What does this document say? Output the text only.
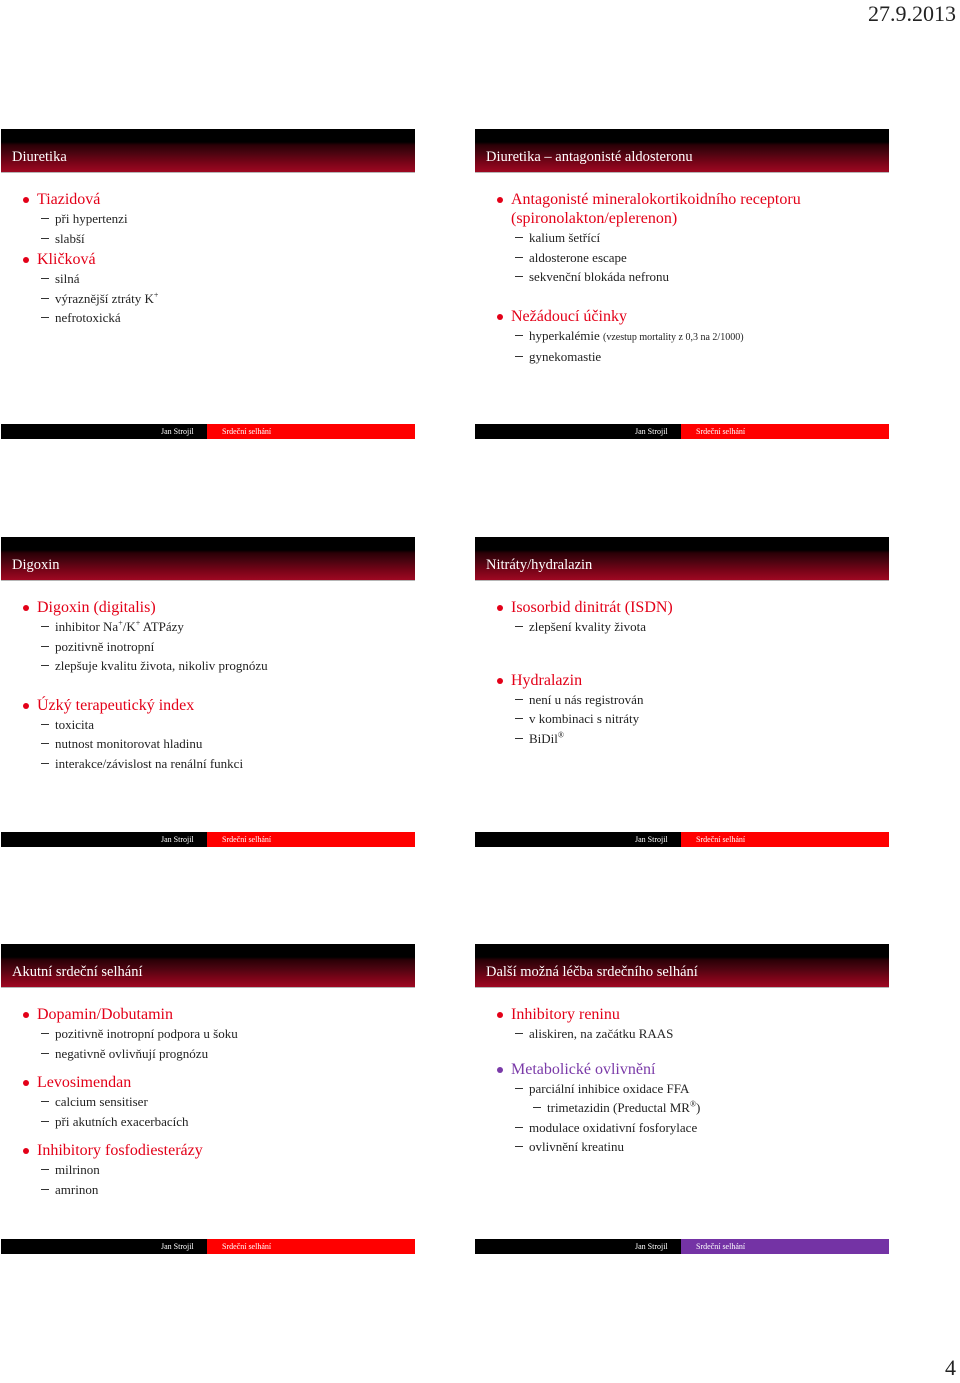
27.9.2013
Diuretika
Tiazidová
při hypertenzi
slabší
Kličková
silná
výraznější ztráty K+
nefrotoxická
Jan Strojil	Srdeční selhání
Diuretika – antagonisté aldosteronu
Antagonisté mineralokortikoidního receptoru
(spironolakton/eplerenon)
kalium šetřící
aldosterone escape
sekvenční blokáda nefronu
Nežádoucí účinky
hyperkalémie (vzestup mortality z 0,3 na 2/1000)
gynekomastie
Jan Strojil	Srdeční selhání
Digoxin
Digoxin (digitalis)
inhibitor Na+/K+ ATPázy
pozitivně inotropní
zlepšuje kvalitu života, nikoliv prognózu
Úzký terapeutický index
toxicita
nutnost monitorovat hladinu
interakce/závislost na renální funkci
Jan Strojil	Srdeční selhání
Nitráty/hydralazin
Isosorbid dinitrát (ISDN)
zlepšení kvality života
Hydralazin
není u nás registrován
v kombinaci s nitráty
BiDil®
Jan Strojil	Srdeční selhání
Akutní srdeční selhání
Dopamin/Dobutamin
pozitivně inotropní podpora u šoku
negativně ovlivňují prognózu
Levosimendan
calcium sensitiser
při akutních exacerbacích
Inhibitory fosfodiesterázy
milrinon
amrinon
Jan Strojil	Srdeční selhání
Další možná léčba srdečního selhání
Inhibitory reninu
aliskiren, na začátku RAAS
Metabolické ovlivnění
parciální inhibice oxidace FFA
trimetazidin (Preductal MR®)
modulace oxidativní fosforylace
ovlivnění kreatinu
Jan Strojil	Srdeční selhání
4
